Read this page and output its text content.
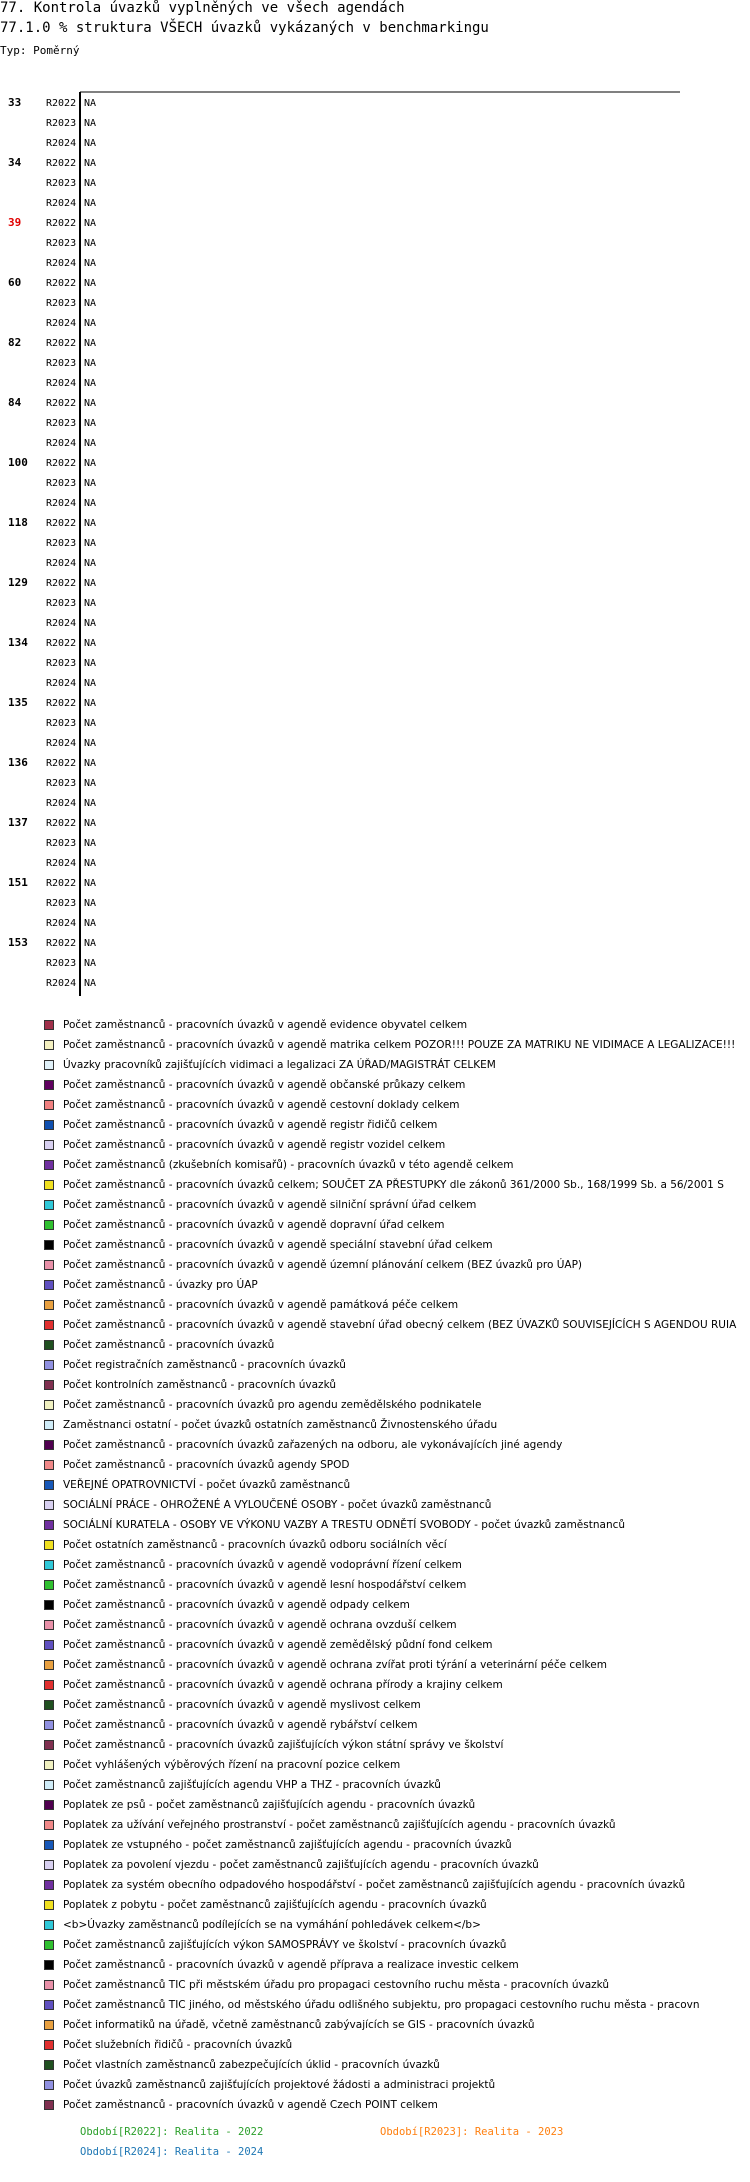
77. Kontrola úvazků vyplněných ve všech agendách
77.1.0 % struktura VŠECH úvazků vykázaných v benchmarkingu
Typ: Poměrný
33 R2022 NA
R2023 NA
R2024 NA
34 R2022 NA
R2023 NA
R2024 NA
39 R2022 NA
R2023 NA
R2024 NA
60 R2022 NA
R2023 NA
R2024 NA
82 R2022 NA
R2023 NA
R2024 NA
84 R2022 NA
R2023 NA
R2024 NA
100 R2022 NA
R2023 NA
R2024 NA
118 R2022 NA
R2023 NA
R2024 NA
129 R2022 NA
R2023 NA
R2024 NA
134 R2022 NA
R2023 NA
R2024 NA
135 R2022 NA
R2023 NA
R2024 NA
136 R2022 NA
R2023 NA
R2024 NA
137 R2022 NA
R2023 NA
R2024 NA
151 R2022 NA
R2023 NA
R2024 NA
153 R2022 NA
R2023 NA
R2024 NA
Počet zaměstnanců - pracovních úvazků v agendě evidence obyvatel celkem
Počet zaměstnanců - pracovních úvazků v agendě matrika celkem POZOR!!! POUZE ZA MATRIKU NE VIDIMACE A LEGALIZACE!!!
Úvazky pracovníků zajišťujících vidimaci a legalizaci ZA ÚŘAD/MAGISTRÁT CELKEM
Počet zaměstnanců - pracovních úvazků v agendě občanské průkazy celkem
Počet zaměstnanců - pracovních úvazků v agendě cestovní doklady celkem
Počet zaměstnanců - pracovních úvazků v agendě registr řidičů celkem
Počet zaměstnanců - pracovních úvazků v agendě registr vozidel celkem
Počet zaměstnanců (zkušebních komisařů) - pracovních úvazků v této agendě celkem
Počet zaměstnanců - pracovních úvazků celkem; SOUČET ZA PŘESTUPKY dle zákonů 361/2000 Sb., 168/1999 Sb. a 56/2001 S
Počet zaměstnanců - pracovních úvazků v agendě silniční správní úřad celkem
Počet zaměstnanců - pracovních úvazků v agendě dopravní úřad celkem
Počet zaměstnanců - pracovních úvazků v agendě speciální stavební úřad celkem
Počet zaměstnanců - pracovních úvazků v agendě územní plánování celkem (BEZ úvazků pro ÚAP)
Počet zaměstnanců - úvazky pro ÚAP
Počet zaměstnanců - pracovních úvazků v agendě památková péče celkem
Počet zaměstnanců - pracovních úvazků v agendě stavební úřad obecný celkem (BEZ ÚVAZKŮ SOUVISEJÍCÍCH S AGENDOU RUIA
Počet zaměstnanců - pracovních úvazků
Počet registračních zaměstnanců - pracovních úvazků
Počet kontrolních zaměstnanců - pracovních úvazků
Počet zaměstnanců - pracovních úvazků pro agendu zemědělského podnikatele
Zaměstnanci ostatní - počet úvazků ostatních zaměstnanců Živnostenského úřadu
Počet zaměstnanců - pracovních úvazků zařazených na odboru, ale vykonávajících jiné agendy
Počet zaměstnanců - pracovních úvazků agendy SPOD
VEŘEJNÉ OPATROVNICTVÍ - počet úvazků zaměstnanců
SOCIÁLNÍ PRÁCE - OHROŽENÉ A VYLOUČENÉ OSOBY - počet úvazků zaměstnanců
SOCIÁLNÍ KURATELA - OSOBY VE VÝKONU VAZBY A TRESTU ODNĚTÍ SVOBODY - počet úvazků zaměstnanců
Počet ostatních zaměstnanců - pracovních úvazků odboru sociálních věcí
Počet zaměstnanců - pracovních úvazků v agendě vodoprávní řízení celkem
Počet zaměstnanců - pracovních úvazků v agendě lesní hospodářství celkem
Počet zaměstnanců - pracovních úvazků v agendě odpady celkem
Počet zaměstnanců - pracovních úvazků v agendě ochrana ovzduší celkem
Počet zaměstnanců - pracovních úvazků v agendě zemědělský půdní fond celkem
Počet zaměstnanců - pracovních úvazků v agendě ochrana zvířat proti týrání a veterinární péče celkem
Počet zaměstnanců - pracovních úvazků v agendě ochrana přírody a krajiny celkem
Počet zaměstnanců - pracovních úvazků v agendě myslivost celkem
Počet zaměstnanců - pracovních úvazků v agendě rybářství celkem
Počet zaměstnanců - pracovních úvazků zajišťujících výkon státní správy ve školství
Počet vyhlášených výběrových řízení na pracovní pozice celkem
Počet zaměstnanců zajišťujících agendu VHP a THZ - pracovních úvazků
Poplatek ze psů - počet zaměstnanců zajišťujících agendu - pracovních úvazků
Poplatek za užívání veřejného prostranství - počet zaměstnanců zajišťujících agendu - pracovních úvazků
Poplatek ze vstupného - počet zaměstnanců zajišťujících agendu - pracovních úvazků
Poplatek za povolení vjezdu - počet zaměstnanců zajišťujících agendu - pracovních úvazků
Poplatek za systém obecního odpadového hospodářství - počet zaměstnanců zajišťujících agendu - pracovních úvazků
Poplatek z pobytu - počet zaměstnanců zajišťujících agendu - pracovních úvazků
<b>Úvazky zaměstnanců podílejících se na vymáhání pohledávek celkem</b>
Počet zaměstnanců zajišťujících výkon SAMOSPRÁVY ve školství - pracovních úvazků
Počet zaměstnanců - pracovních úvazků v agendě příprava a realizace investic celkem
Počet zaměstnanců TIC při městském úřadu pro propagaci cestovního ruchu města - pracovních úvazků
Počet zaměstnanců TIC jiného, od městského úřadu odlišného subjektu, pro propagaci cestovního ruchu města - pracovn
Počet informatiků na úřadě, včetně zaměstnanců zabývajících se GIS - pracovních úvazků
Počet služebních řidičů - pracovních úvazků
Počet vlastních zaměstnanců zabezpečujících úklid - pracovních úvazků
Počet úvazků zaměstnanců zajišťujících projektové žádosti a administraci projektů
Počet zaměstnanců - pracovních úvazků v agendě Czech POINT celkem
Období[R2022]: Realita - 2022	Období[R2023]: Realita - 2023
Období[R2024]: Realita - 2024
